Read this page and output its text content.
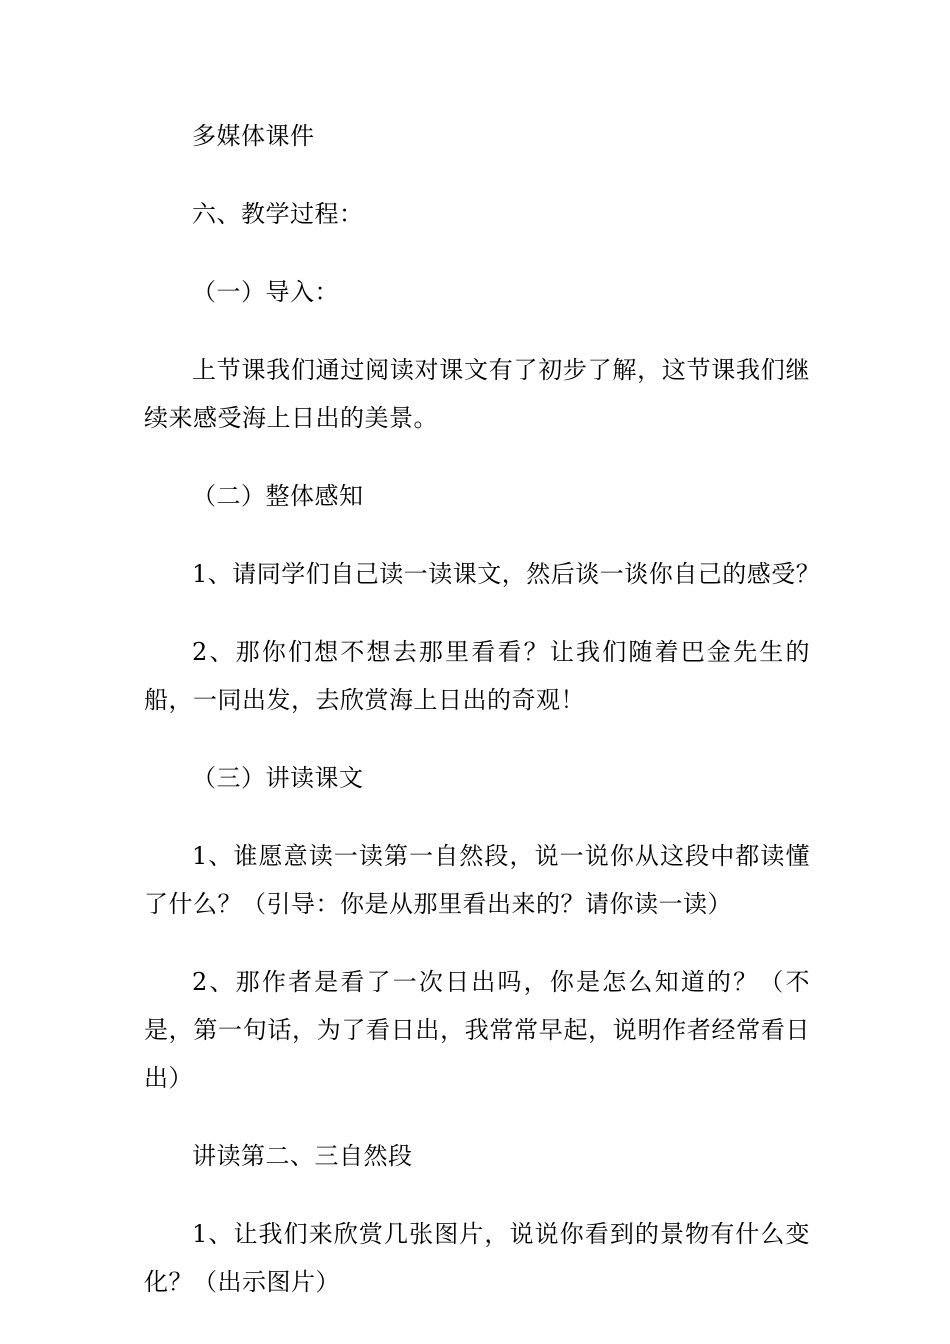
多媒体课件

六、教学过程：

（一）导入：

上节课我们通过阅读对课文有了初步了解，这节课我们继续来感受海上日出的美景。

（二）整体感知

1、请同学们自己读一读课文，然后谈一谈你自己的感受？

2、那你们想不想去那里看看？让我们随着巴金先生的船，一同出发，去欣赏海上日出的奇观！

（三）讲读课文

1、谁愿意读一读第一自然段，说一说你从这段中都读懂了什么？（引导：你是从那里看出来的？请你读一读）

2、那作者是看了一次日出吗，你是怎么知道的？（不是，第一句话，为了看日出，我常常早起，说明作者经常看日出）

讲读第二、三自然段

1、让我们来欣赏几张图片，说说你看到的景物有什么变化？（出示图片）
